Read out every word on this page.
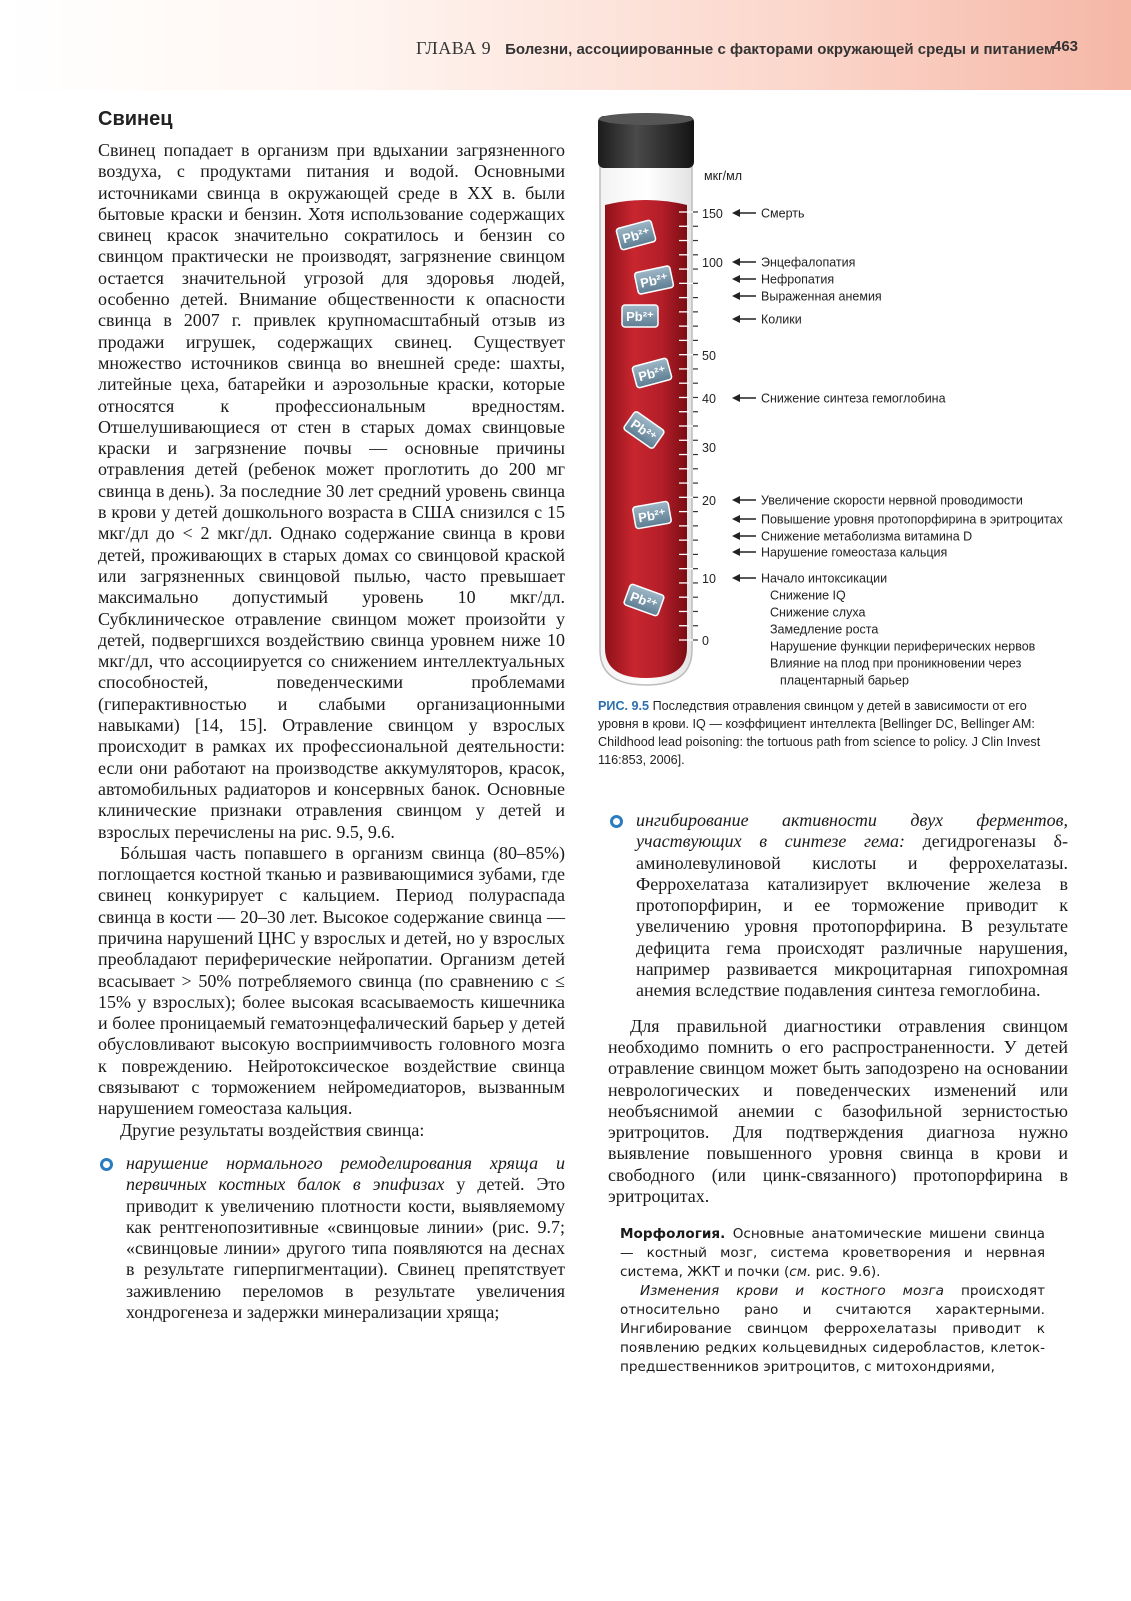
ГЛАВА 9 Болезни, ассоциированные с факторами окружающей среды и питанием
463
Свинец

Свинец попадает в организм при вдыхании загрязненного воздуха, с продуктами питания и водой. Основными источниками свинца в окружающей среде в XX в. были бытовые краски и бензин. Хотя использование содержащих свинец красок значительно сократилось и бензин со свинцом практически не производят, загрязнение свинцом остается значительной угрозой для здоровья людей, особенно детей. Внимание общественности к опасности свинца в 2007 г. привлек крупномасштабный отзыв из продажи игрушек, содержащих свинец. Существует множество источников свинца во внешней среде: шахты, литейные цеха, батарейки и аэрозольные краски, которые относятся к профессиональным вредностям. Отшелушивающиеся от стен в старых домах свинцовые краски и загрязнение почвы — основные причины отравления детей (ребенок может проглотить до 200 мг свинца в день). За последние 30 лет средний уровень свинца в крови у детей дошкольного возраста в США снизился с 15 мкг/дл до < 2 мкг/дл. Однако содержание свинца в крови детей, проживающих в старых домах со свинцовой краской или загрязненных свинцовой пылью, часто превышает максимально допустимый уровень 10 мкг/дл. Субклиническое отравление свинцом может произойти у детей, подвергшихся воздействию свинца уровнем ниже 10 мкг/дл, что ассоциируется со снижением интеллектуальных способностей, поведенческими проблемами (гиперактивностью и слабыми организационными навыками) [14, 15]. Отравление свинцом у взрослых происходит в рамках их профессиональной деятельности: если они работают на производстве аккумуляторов, красок, автомобильных радиаторов и консервных банок. Основные клинические признаки отравления свинцом у детей и взрослых перечислены на рис. 9.5, 9.6.

Бóльшая часть попавшего в организм свинца (80–85%) поглощается костной тканью и развивающимися зубами, где свинец конкурирует с кальцием. Период полураспада свинца в кости — 20–30 лет. Высокое содержание свинца — причина нарушений ЦНС у взрослых и детей, но у взрослых преобладают периферические нейропатии. Организм детей всасывает > 50% потребляемого свинца (по сравнению с ≤ 15% у взрослых); более высокая всасываемость кишечника и более проницаемый гематоэнцефалический барьер у детей обусловливают высокую восприимчивость головного мозга к повреждению. Нейротоксическое воздействие свинца связывают с торможением нейромедиаторов, вызванным нарушением гомеостаза кальция.

Другие результаты воздействия свинца:

нарушение нормального ремоделирования хряща и первичных костных балок в эпифизах у детей. Это приводит к увеличению плотности кости, выявляемому как рентгенопозитивные «свинцовые линии» (рис. 9.7; «свинцовые линии» другого типа появляются на деснах в результате гиперпигментации). Свинец препятствует заживлению переломов в результате увеличения хондрогенеза и задержки минерализации хряща;
Pb²⁺
Pb²⁺
Pb²⁺
Pb²⁺
Pb²⁺
Pb²⁺
Pb²⁺
150
100
50
40
30
20
10
0
Смерть
Энцефалопатия
Нефропатия
Выраженная анемия
Колики
Снижение синтеза гемоглобина
Увеличение скорости нервной проводимости
Повышение уровня протопорфирина в эритроцитах
Снижение метаболизма витамина D
Нарушение гомеостаза кальция
Начало интоксикации
Снижение IQ
Снижение слуха
Замедление роста
Нарушение функции периферических нервов
Влияние на плод при проникновении через
плацентарный барьер
мкг/мл
РИС. 9.5 Последствия отравления свинцом у детей в зависимости от его уровня в крови. IQ — коэффициент интеллекта [Bellinger DC, Bellinger AM: Childhood lead poisoning: the tortuous path from science to policy. J Clin Invest 116:853, 2006].
ингибирование активности двух ферментов, участвующих в синтезе гема: дегидрогеназы δ-аминолевулиновой кислоты и феррохелатазы. Феррохелатаза катализирует включение железа в протопорфирин, и ее торможение приводит к увеличению уровня протопорфирина. В результате дефицита гема происходят различные нарушения, например развивается микроцитарная гипохромная анемия вследствие подавления синтеза гемоглобина.

Для правильной диагностики отравления свинцом необходимо помнить о его распространенности. У детей отравление свинцом может быть заподозрено на основании неврологических и поведенческих изменений или необъяснимой анемии с базофильной зернистостью эритроцитов. Для подтверждения диагноза нужно выявление повышенного уровня свинца в крови и свободного (или цинк-связанного) протопорфирина в эритроцитах.

Морфология. Основные анатомические мишени свинца — костный мозг, система кроветворения и нервная система, ЖКТ и почки (см. рис. 9.6).

Изменения крови и костного мозга происходят относительно рано и считаются характерными. Ингибирование свинцом феррохелатазы приводит к появлению редких кольцевидных сидеробластов, клеток-предшественников эритроцитов, с митохондриями,
